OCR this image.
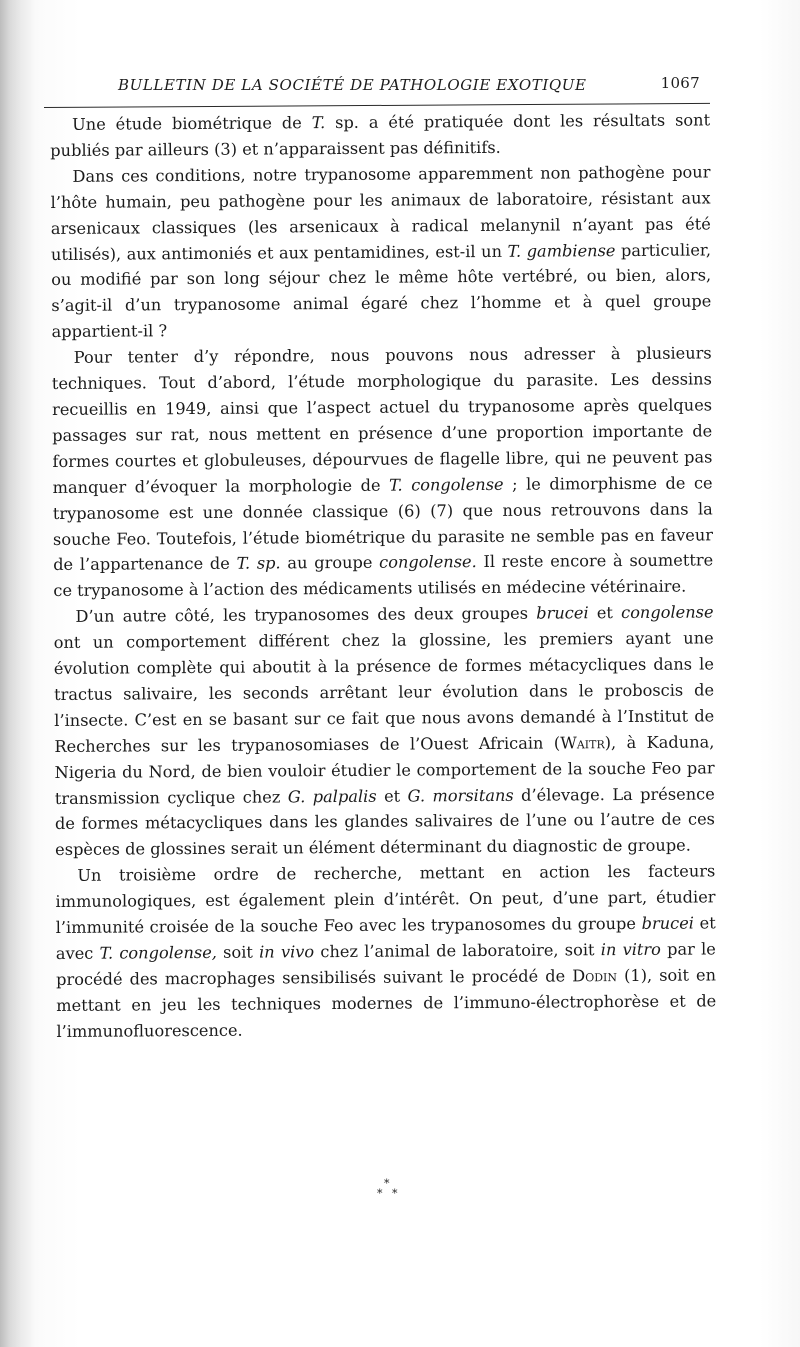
BULLETIN DE LA SOCIÉTÉ DE PATHOLOGIE EXOTIQUE	1067

Une étude biométrique de T. sp. a été pratiquée dont les résultats sont publiés par ailleurs (3) et n’apparaissent pas définitifs.

Dans ces conditions, notre trypanosome apparemment non pathogène pour l’hôte humain, peu pathogène pour les animaux de laboratoire, résistant aux arsenicaux classiques (les arsenicaux à radical melanynil n’ayant pas été utilisés), aux antimoniés et aux pentamidines, est-il un T. gambiense particulier, ou modifié par son long séjour chez le même hôte vertébré, ou bien, alors, s’agit-il d’un trypanosome animal égaré chez l’homme et à quel groupe appartient-il ?

Pour tenter d’y répondre, nous pouvons nous adresser à plusieurs techniques. Tout d’abord, l’étude morphologique du parasite. Les dessins recueillis en 1949, ainsi que l’aspect actuel du trypanosome après quelques passages sur rat, nous mettent en présence d’une proportion importante de formes courtes et globuleuses, dépourvues de flagelle libre, qui ne peuvent pas manquer d’évoquer la morphologie de T. congolense ; le dimorphisme de ce trypanosome est une donnée classique (6) (7) que nous retrouvons dans la souche Feo. Toutefois, l’étude biométrique du parasite ne semble pas en faveur de l’appartenance de T. sp. au groupe congolense. Il reste encore à soumettre ce trypanosome à l’action des médicaments utilisés en médecine vétérinaire.

D’un autre côté, les trypanosomes des deux groupes brucei et congolense ont un comportement différent chez la glossine, les premiers ayant une évolution complète qui aboutit à la présence de formes métacycliques dans le tractus salivaire, les seconds arrêtant leur évolution dans le proboscis de l’insecte. C’est en se basant sur ce fait que nous avons demandé à l’Institut de Recherches sur les trypanosomiases de l’Ouest Africain (Waitr), à Kaduna, Nigeria du Nord, de bien vouloir étudier le comportement de la souche Feo par transmission cyclique chez G. palpalis et G. morsitans d’élevage. La présence de formes métacycliques dans les glandes salivaires de l’une ou l’autre de ces espèces de glossines serait un élément déterminant du diagnostic de groupe.

Un troisième ordre de recherche, mettant en action les facteurs immunologiques, est également plein d’intérêt. On peut, d’une part, étudier l’immunité croisée de la souche Feo avec les trypanosomes du groupe brucei et avec T. congolense, soit in vivo chez l’animal de laboratoire, soit in vitro par le procédé des macrophages sensibilisés suivant le procédé de Dodin (1), soit en mettant en jeu les techniques modernes de l’immuno-électrophorèse et de l’immunofluorescence.

*
* *
